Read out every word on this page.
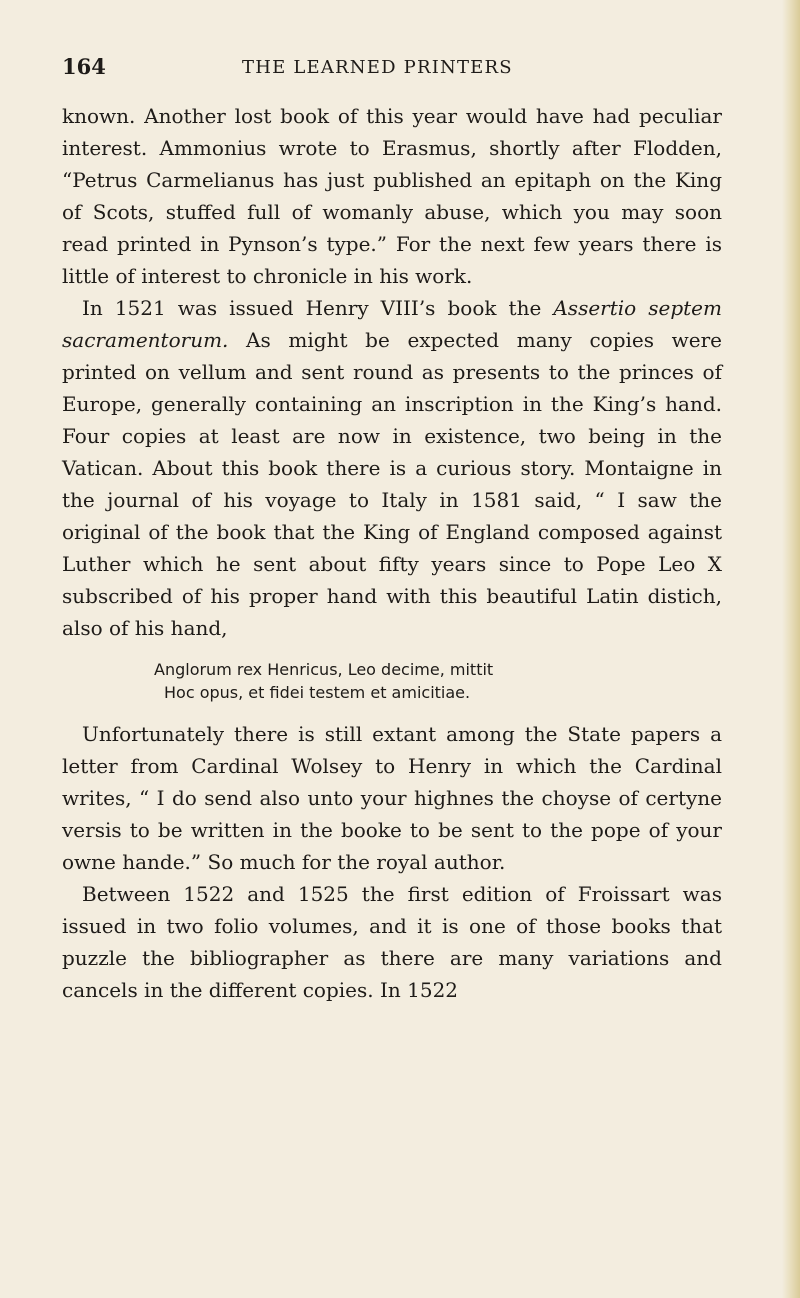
164	THE LEARNED PRINTERS

known. Another lost book of this year would have had peculiar interest. Ammonius wrote to Erasmus, shortly after Flodden, “Petrus Carmelianus has just published an epitaph on the King of Scots, stuffed full of womanly abuse, which you may soon read printed in Pynson’s type.” For the next few years there is little of interest to chronicle in his work.

In 1521 was issued Henry VIII’s book the Assertio septem sacramentorum. As might be expected many copies were printed on vellum and sent round as presents to the princes of Europe, generally containing an inscription in the King’s hand. Four copies at least are now in existence, two being in the Vatican. About this book there is a curious story. Montaigne in the journal of his voyage to Italy in 1581 said, “ I saw the original of the book that the King of England composed against Luther which he sent about fifty years since to Pope Leo X subscribed of his proper hand with this beautiful Latin distich, also of his hand,

Anglorum rex Henricus, Leo decime, mittit
Hoc opus, et fidei testem et amicitiae.

Unfortunately there is still extant among the State papers a letter from Cardinal Wolsey to Henry in which the Cardinal writes, “ I do send also unto your highnes the choyse of certyne versis to be written in the booke to be sent to the pope of your owne hande.” So much for the royal author.

Between 1522 and 1525 the first edition of Froissart was issued in two folio volumes, and it is one of those books that puzzle the bibliographer as there are many variations and cancels in the different copies. In 1522
